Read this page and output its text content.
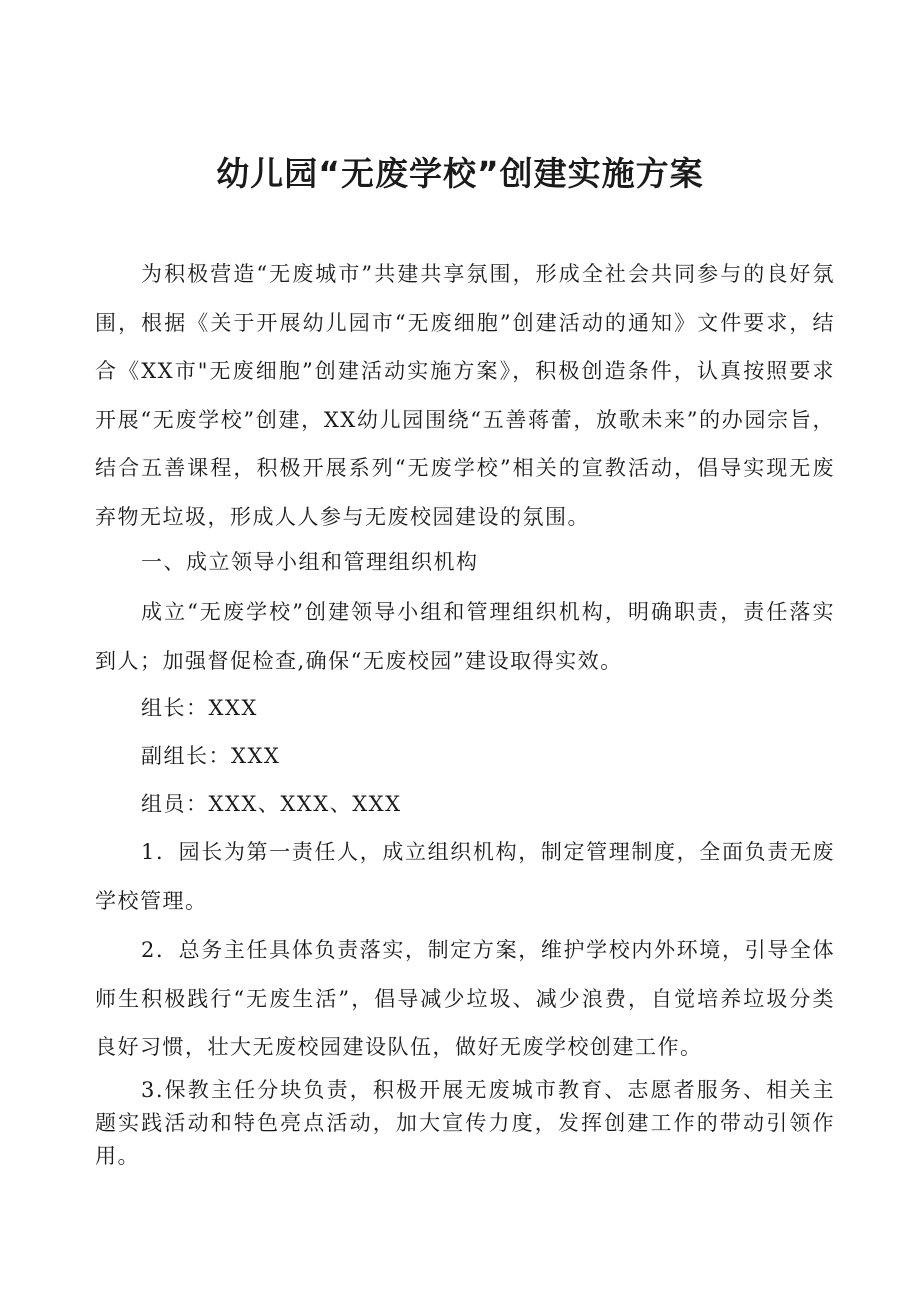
幼儿园“无废学校”创建实施方案

为积极营造“无废城市”共建共享氛围，形成全社会共同参与的良好氛围，根据《关于开展幼儿园市“无废细胞”创建活动的通知》文件要求，结合《XX市"无废细胞”创建活动实施方案》，积极创造条件，认真按照要求开展“无废学校”创建，XX幼儿园围绕“五善蒋蕾，放歌未来”的办园宗旨，结合五善课程，积极开展系列“无废学校”相关的宣教活动，倡导实现无废弃物无垃圾，形成人人参与无废校园建设的氛围。

一、成立领导小组和管理组织机构

成立“无废学校”创建领导小组和管理组织机构，明确职责，责任落实到人；加强督促检查,确保“无废校园”建设取得实效。

组长：XXX

副组长：XXX

组员：XXX、XXX、XXX

1．园长为第一责任人，成立组织机构，制定管理制度，全面负责无废学校管理。

2．总务主任具体负责落实，制定方案，维护学校内外环境，引导全体师生积极践行“无废生活”，倡导减少垃圾、减少浪费，自觉培养垃圾分类良好习惯，壮大无废校园建设队伍，做好无废学校创建工作。

3.保教主任分块负责，积极开展无废城市教育、志愿者服务、相关主题实践活动和特色亮点活动，加大宣传力度，发挥创建工作的带动引领作用。
